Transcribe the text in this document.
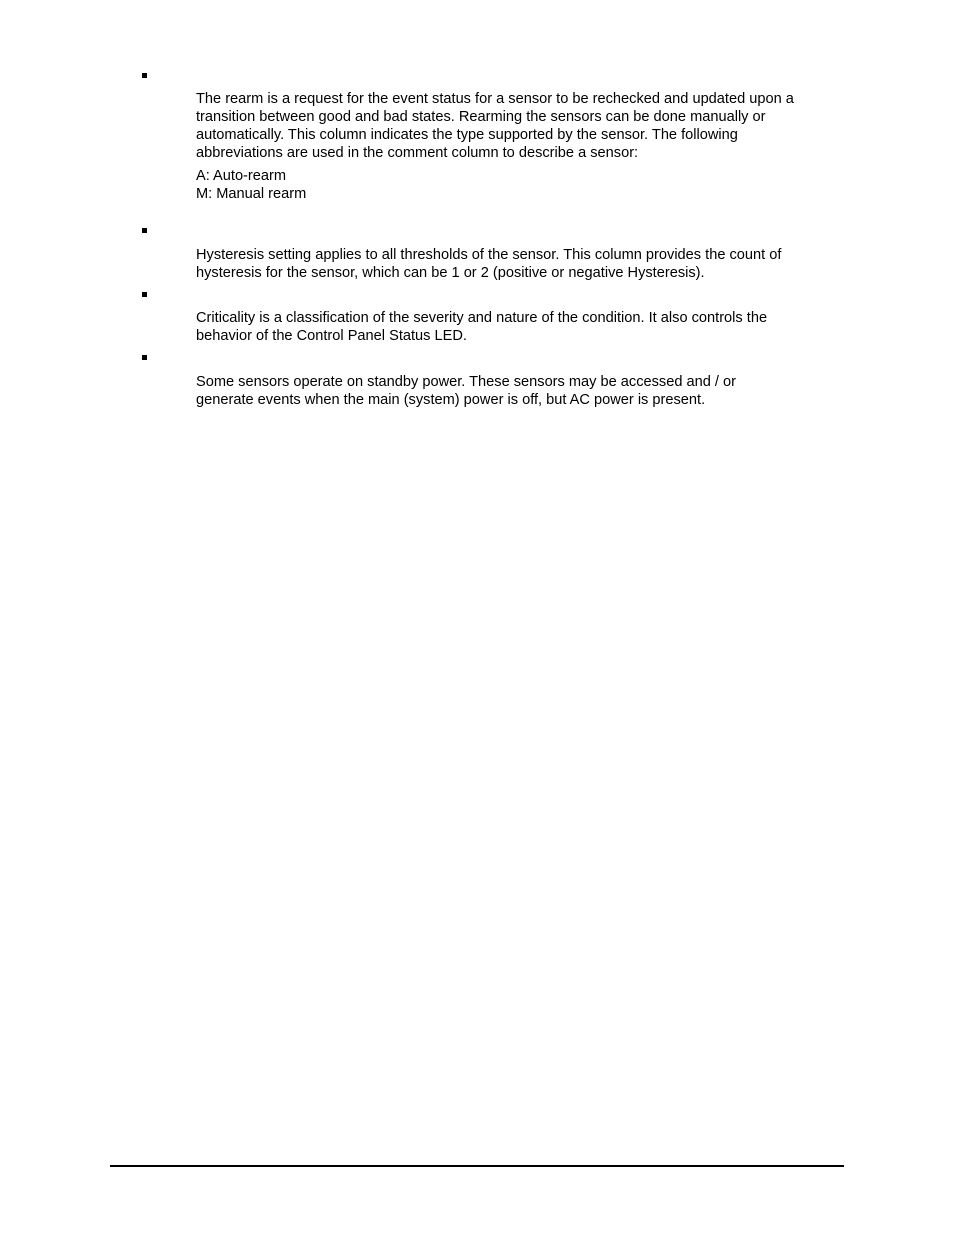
The rearm is a request for the event status for a sensor to be rechecked and updated upon a
transition between good and bad states. Rearming the sensors can be done manually or
automatically. This column indicates the type supported by the sensor. The following
abbreviations are used in the comment column to describe a sensor:
A: Auto-rearm
M: Manual rearm
Hysteresis setting applies to all thresholds of the sensor. This column provides the count of
hysteresis for the sensor, which can be 1 or 2 (positive or negative Hysteresis).
Criticality is a classification of the severity and nature of the condition. It also controls the
behavior of the Control Panel Status LED.
Some sensors operate on standby power. These sensors may be accessed and / or
generate events when the main (system) power is off, but AC power is present.
